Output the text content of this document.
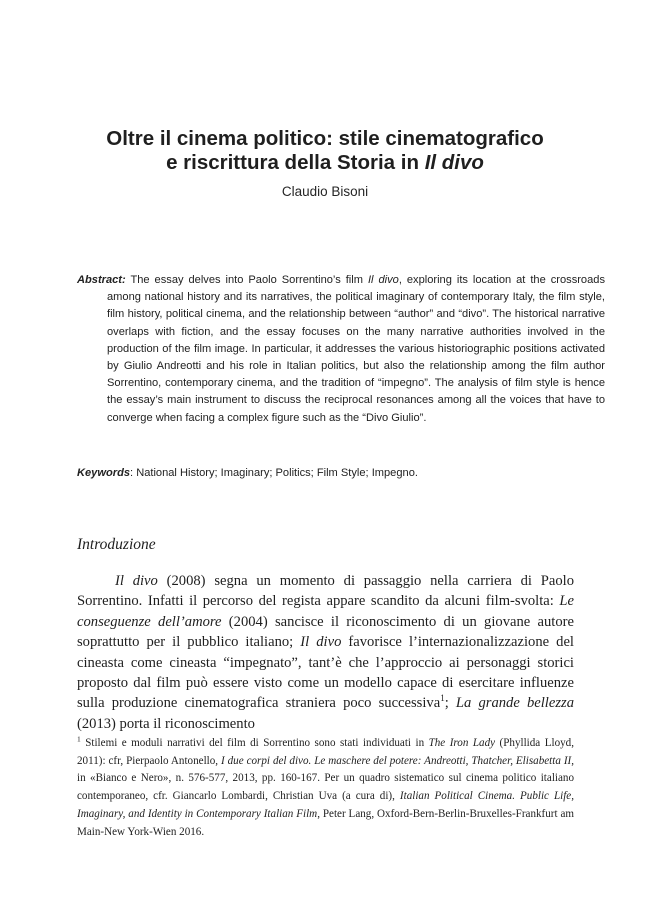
Oltre il cinema politico: stile cinematografico
e riscrittura della Storia in Il divo
Claudio Bisoni
Abstract: The essay delves into Paolo Sorrentino’s film Il divo, exploring its location at the crossroads among national history and its narratives, the political imaginary of contemporary Italy, the film style, film history, political cinema, and the relationship between “author” and “divo”. The historical narrative overlaps with fiction, and the essay focuses on the many narrative authorities involved in the production of the film image. In particular, it addresses the various historiographic positions activated by Giulio Andreotti and his role in Italian politics, but also the relationship among the film author Sorrentino, contemporary cinema, and the tradition of “impegno”. The analysis of film style is hence the essay’s main instrument to discuss the reciprocal resonances among all the voices that have to converge when facing a complex figure such as the “Divo Giulio”.
Keywords: National History; Imaginary; Politics; Film Style; Impegno.
Introduzione

Il divo (2008) segna un momento di passaggio nella carriera di Paolo Sorrentino. Infatti il percorso del regista appare scandito da alcuni film-svolta: Le conseguenze dell’amore (2004) sancisce il riconoscimento di un giovane autore soprattutto per il pubblico italiano; Il divo favorisce l’internazionalizzazione del cineasta come cineasta “impegnato”, tant’è che l’approccio ai personaggi storici proposto dal film può essere visto come un modello capace di esercitare influenze sulla produzione cinematografica straniera poco successiva$^1$; La grande bellezza (2013) porta il riconoscimento

$^1$ Stilemi e moduli narrativi del film di Sorrentino sono stati individuati in The Iron Lady (Phyllida Lloyd, 2011): cfr, Pierpaolo Antonello, I due corpi del divo. Le maschere del potere: Andreotti, Thatcher, Elisabetta II, in «Bianco e Nero», n. 576-577, 2013, pp. 160-167. Per un quadro sistematico sul cinema politico italiano contemporaneo, cfr. Giancarlo Lombardi, Christian Uva (a cura di), Italian Political Cinema. Public Life, Imaginary, and Identity in Contemporary Italian Film, Peter Lang, Oxford-Bern-Berlin-Bruxelles-Frankfurt am Main-New York-Wien 2016.
